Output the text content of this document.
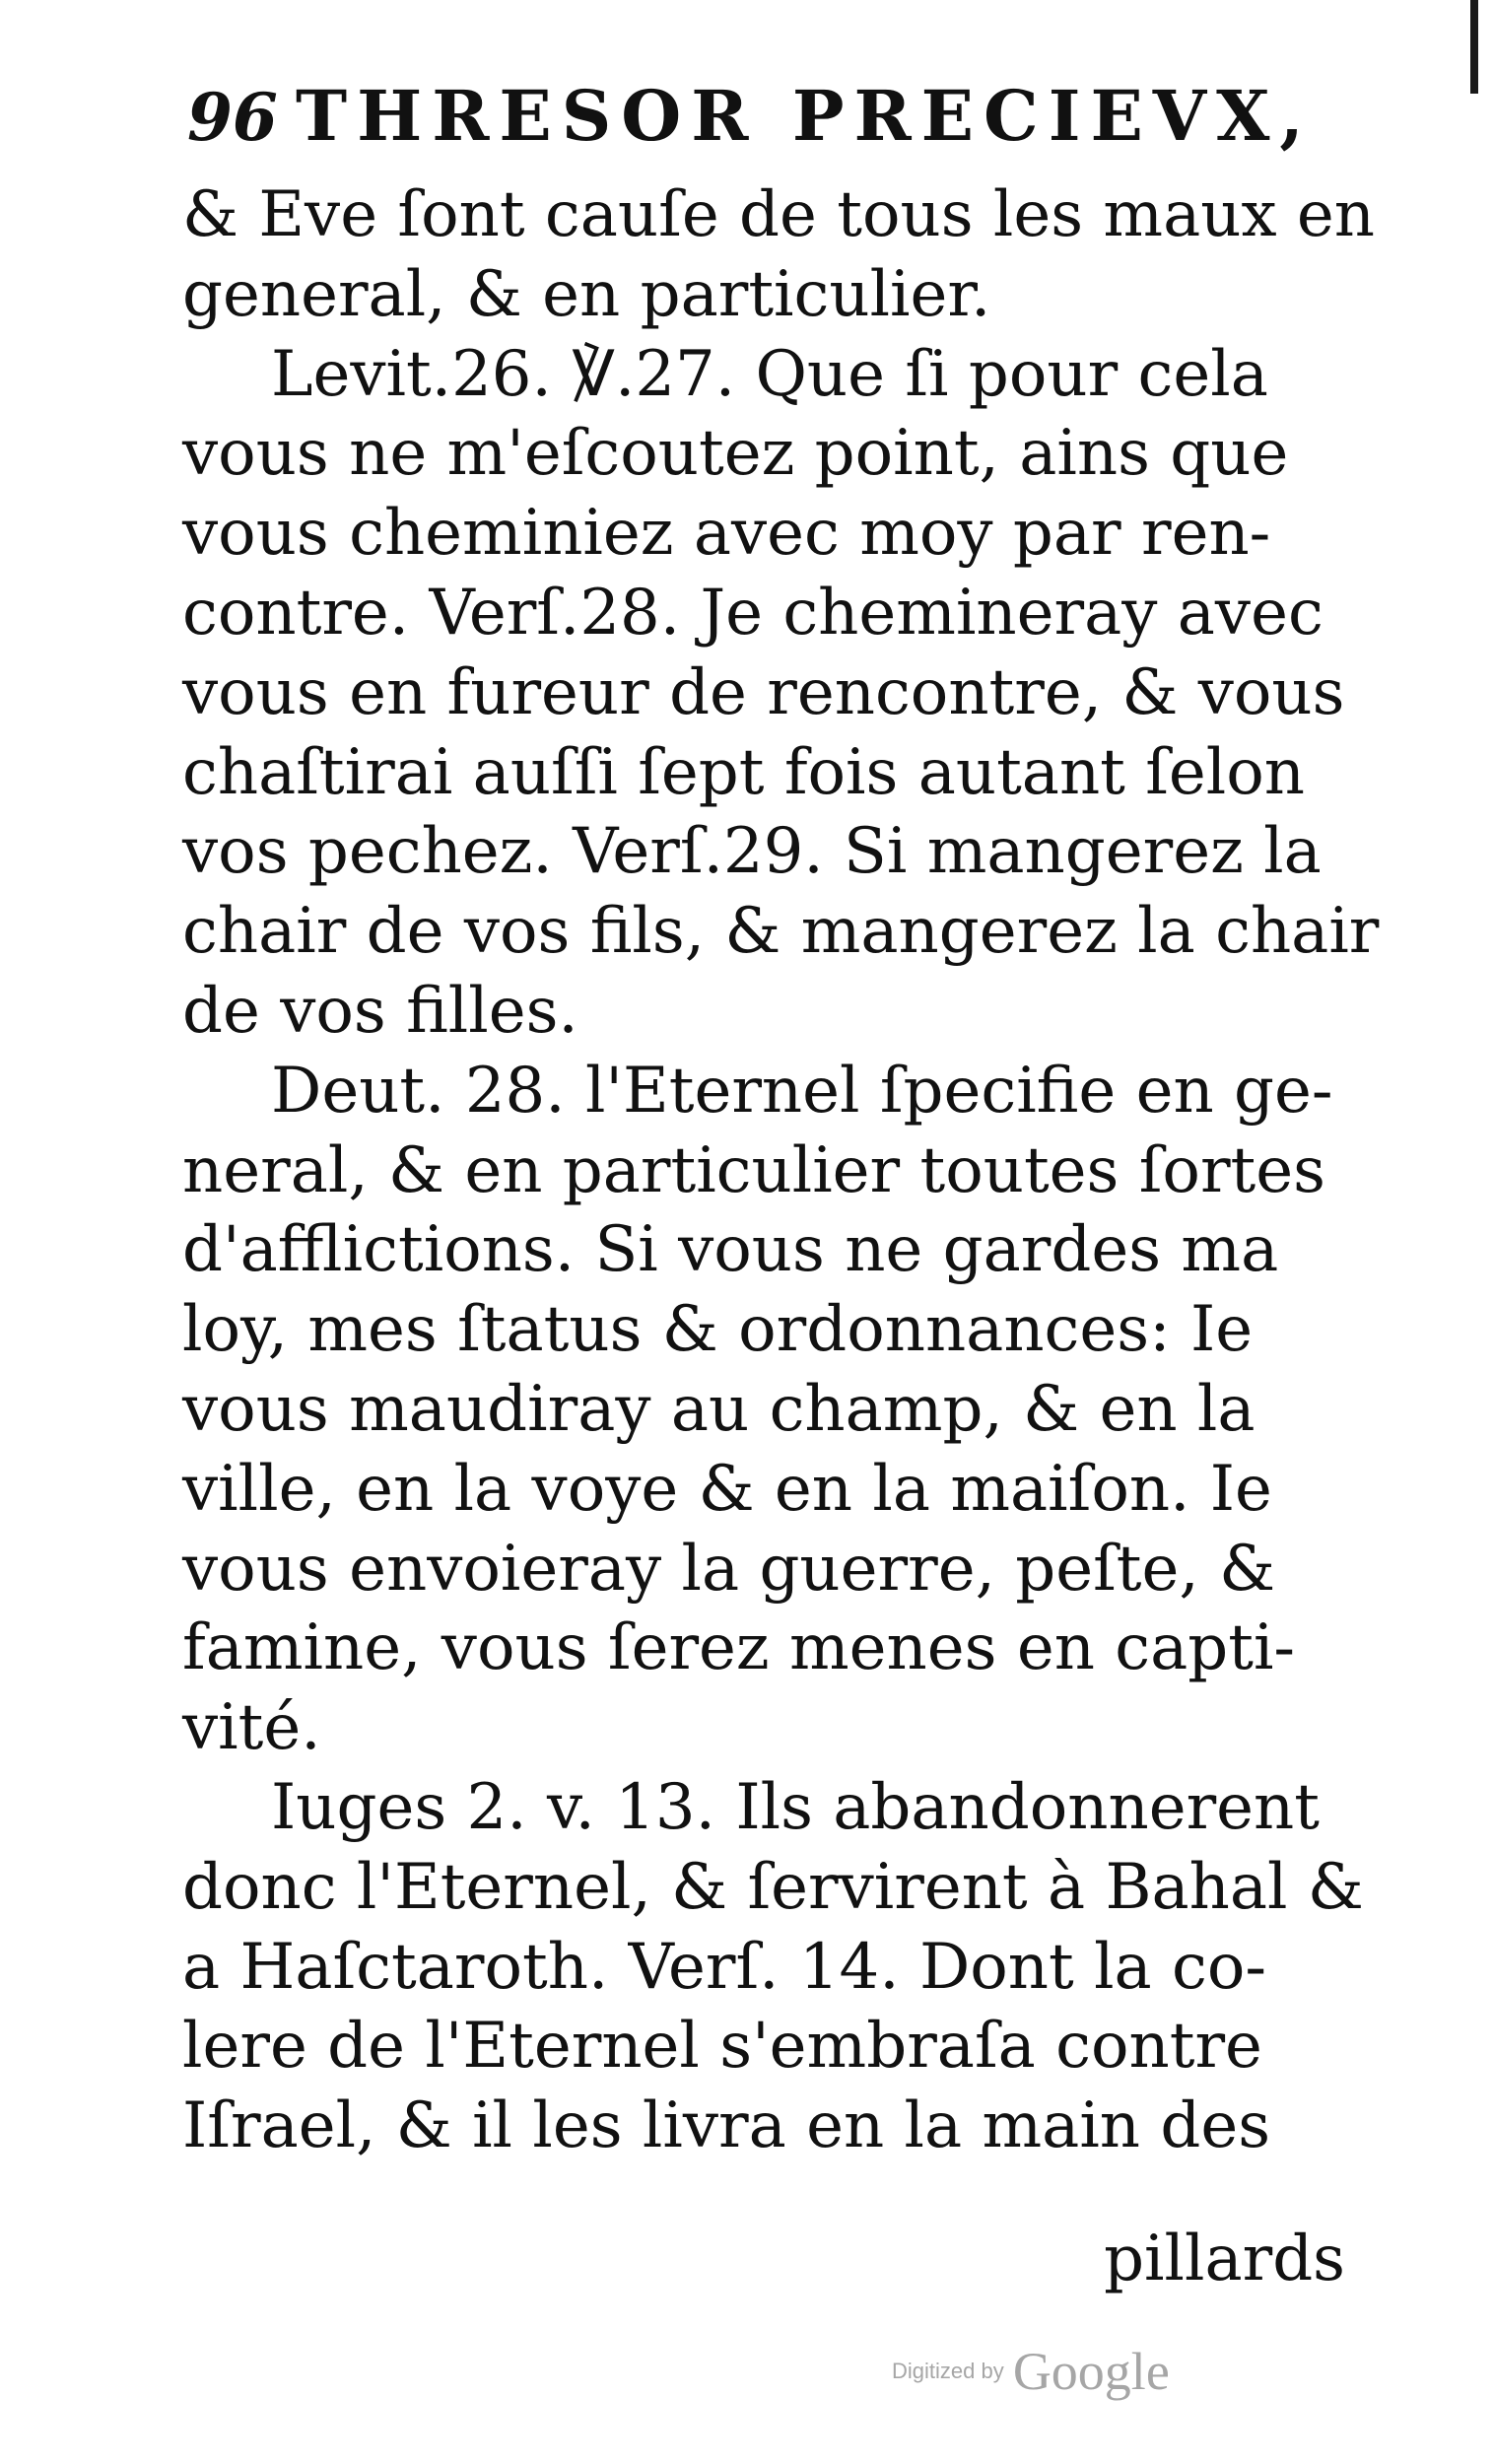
96 THRESOR PRECIEVX,
& Eve ſont cauſe de tous les maux en
general, & en particulier.
Levit.26. ℣.27. Que ſi pour cela
vous ne m'eſcoutez point, ains que
vous cheminiez avec moy par ren-
contre. Verſ.28. Je chemineray avec
vous en fureur de rencontre, & vous
chaſtirai auſſi ſept fois autant ſelon
vos pechez. Verſ.29. Si mangerez la
chair de vos fils, & mangerez la chair
de vos filles.
Deut. 28. l'Eternel ſpecifie en ge-
neral, & en particulier toutes ſortes
d'afflictions. Si vous ne gardes ma
loy, mes ſtatus & ordonnances: Ie
vous maudiray au champ, & en la
ville, en la voye & en la maiſon. Ie
vous envoieray la guerre, peſte, &
famine, vous ſerez menes en capti-
vité.
Iuges 2. v. 13. Ils abandonnerent
donc l'Eternel, & ſervirent à Bahal &
a Haſctaroth. Verſ. 14. Dont la co-
lere de l'Eternel s'embraſa contre
Iſrael, & il les livra en la main des
pillards
Digitized by Google
